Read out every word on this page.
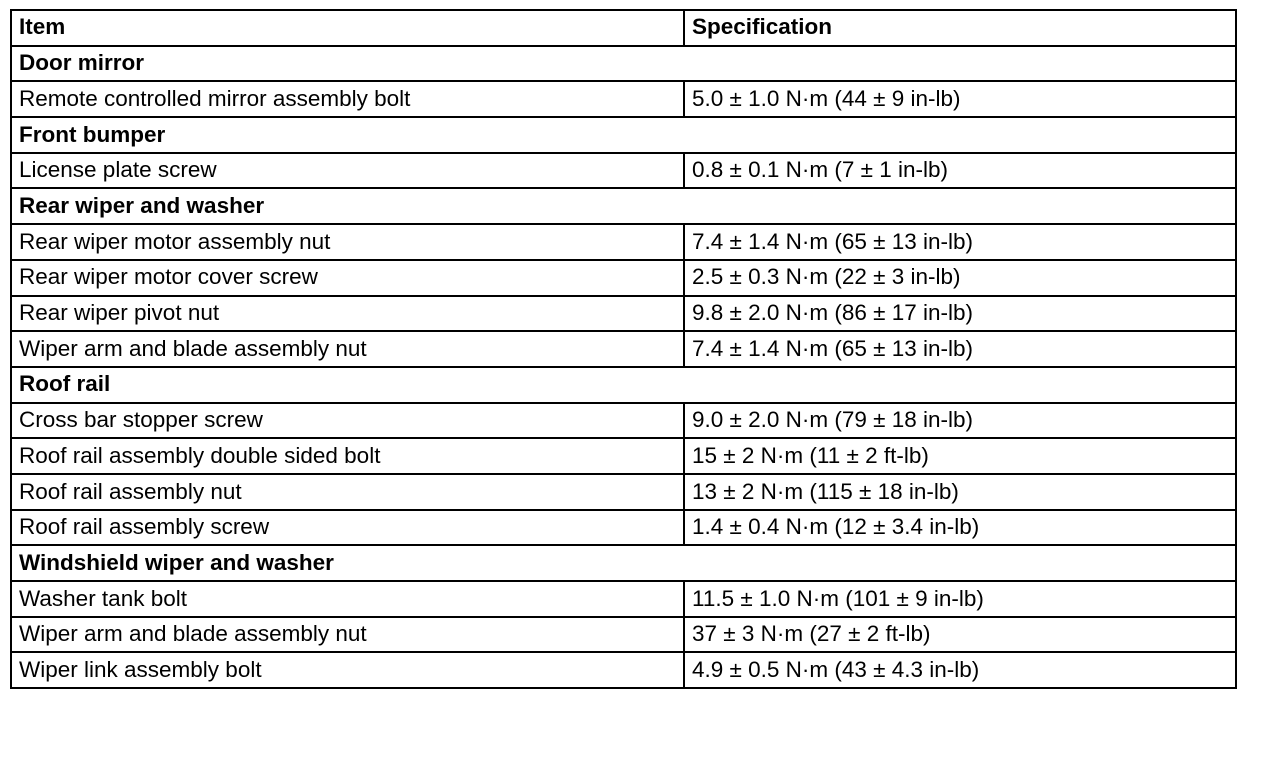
Item	Specification
Door mirror	
Remote controlled mirror assembly bolt	5.0 ± 1.0 N·m (44 ± 9 in-lb)
Front bumper	
License plate screw	0.8 ± 0.1 N·m (7 ± 1 in-lb)
Rear wiper and washer	
Rear wiper motor assembly nut	7.4 ± 1.4 N·m (65 ± 13 in-lb)
Rear wiper motor cover screw	2.5 ± 0.3 N·m (22 ± 3 in-lb)
Rear wiper pivot nut	9.8 ± 2.0 N·m (86 ± 17 in-lb)
Wiper arm and blade assembly nut	7.4 ± 1.4 N·m (65 ± 13 in-lb)
Roof rail	
Cross bar stopper screw	9.0 ± 2.0 N·m (79 ± 18 in-lb)
Roof rail assembly double sided bolt	15 ± 2 N·m (11 ± 2 ft-lb)
Roof rail assembly nut	13 ± 2 N·m (115 ± 18 in-lb)
Roof rail assembly screw	1.4 ± 0.4 N·m (12 ± 3.4 in-lb)
Windshield wiper and washer	
Washer tank bolt	11.5 ± 1.0 N·m (101 ± 9 in-lb)
Wiper arm and blade assembly nut	37 ± 3 N·m (27 ± 2 ft-lb)
Wiper link assembly bolt	4.9 ± 0.5 N·m (43 ± 4.3 in-lb)
